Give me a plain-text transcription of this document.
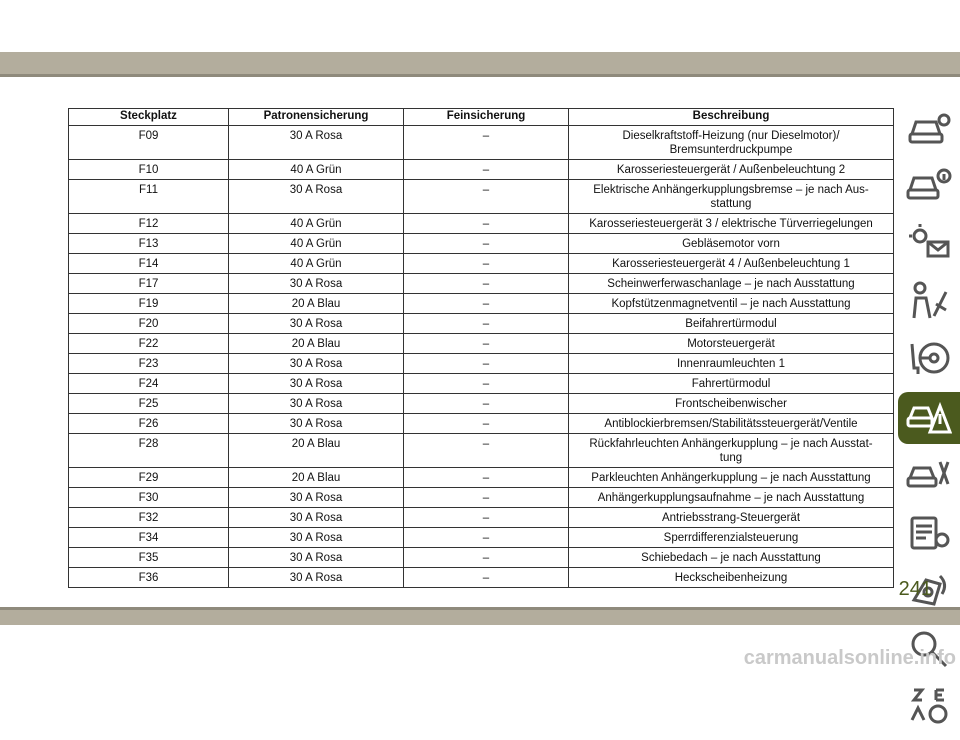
Steckplatz	Patronensicherung	Feinsicherung	Beschreibung
F09	30 A Rosa	–	Dieselkraftstoff-Heizung (nur Dieselmotor)/
Bremsunterdruckpumpe
F10	40 A Grün	–	Karosseriesteuergerät / Außenbeleuchtung 2
F11	30 A Rosa	–	Elektrische Anhängerkupplungsbremse – je nach Aus-
stattung
F12	40 A Grün	–	Karosseriesteuergerät 3 / elektrische Türverriegelungen
F13	40 A Grün	–	Gebläsemotor vorn
F14	40 A Grün	–	Karosseriesteuergerät 4 / Außenbeleuchtung 1
F17	30 A Rosa	–	Scheinwerferwaschanlage – je nach Ausstattung
F19	20 A Blau	–	Kopfstützenmagnetventil – je nach Ausstattung
F20	30 A Rosa	–	Beifahrertürmodul
F22	20 A Blau	–	Motorsteuergerät
F23	30 A Rosa	–	Innenraumleuchten 1
F24	30 A Rosa	–	Fahrertürmodul
F25	30 A Rosa	–	Frontscheibenwischer
F26	30 A Rosa	–	Antiblockierbremsen/Stabilitätssteuergerät/Ventile
F28	20 A Blau	–	Rückfahrleuchten Anhängerkupplung – je nach Ausstat-
tung
F29	20 A Blau	–	Parkleuchten Anhängerkupplung – je nach Ausstattung
F30	30 A Rosa	–	Anhängerkupplungsaufnahme – je nach Ausstattung
F32	30 A Rosa	–	Antriebsstrang-Steuergerät
F34	30 A Rosa	–	Sperrdifferenzialsteuerung
F35	30 A Rosa	–	Schiebedach – je nach Ausstattung
F36	30 A Rosa	–	Heckscheibenheizung	241
carmanualsonline.info
